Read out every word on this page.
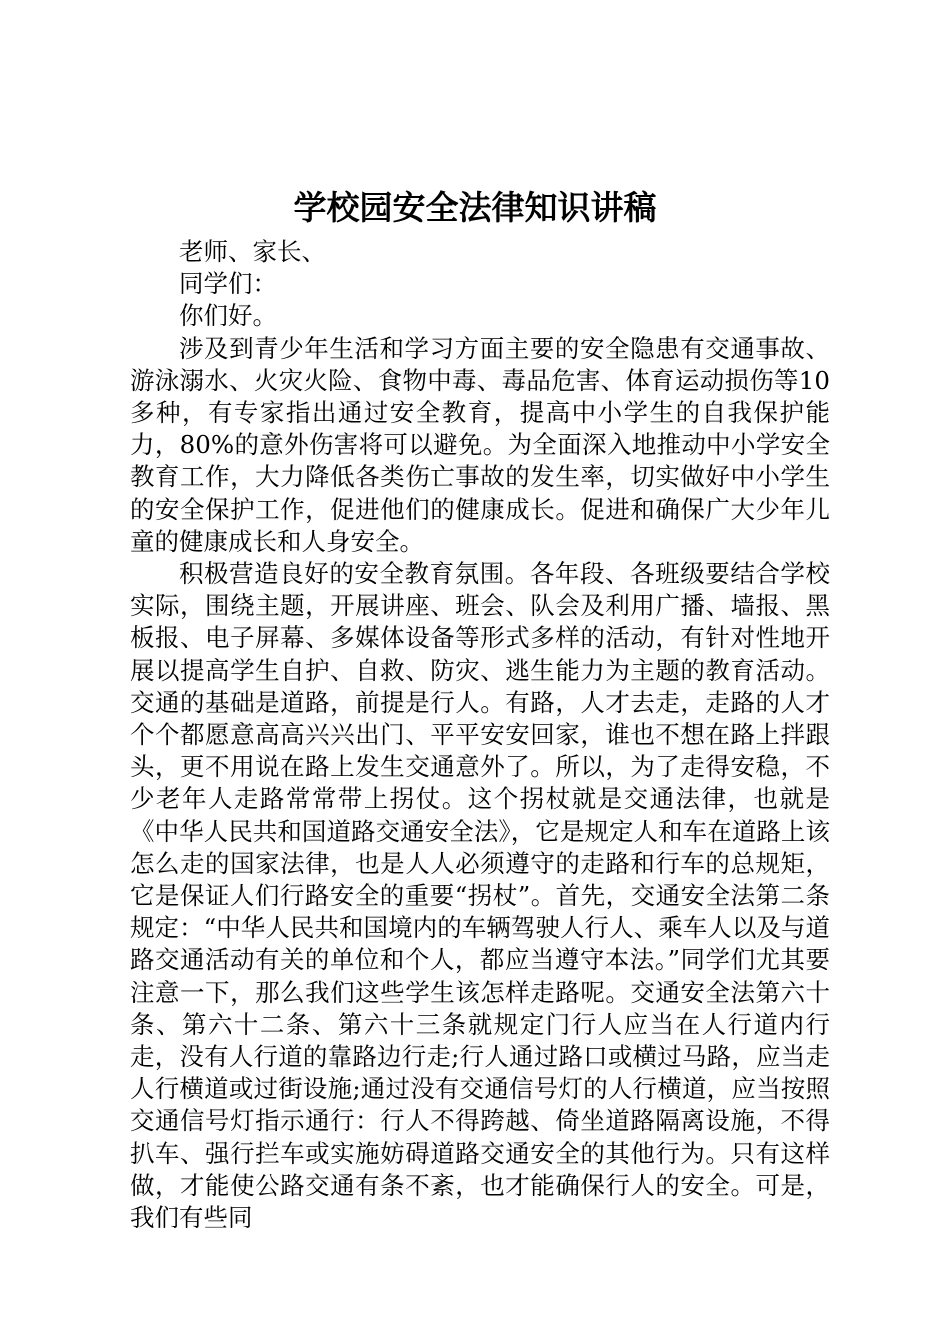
学校园安全法律知识讲稿

老师、家长、

同学们：

你们好。

涉及到青少年生活和学习方面主要的安全隐患有交通事故、游泳溺水、火灾火险、食物中毒、毒品危害、体育运动损伤等10多种，有专家指出通过安全教育，提高中小学生的自我保护能力，80%的意外伤害将可以避免。为全面深入地推动中小学安全教育工作，大力降低各类伤亡事故的发生率，切实做好中小学生的安全保护工作，促进他们的健康成长。促进和确保广大少年儿童的健康成长和人身安全。

积极营造良好的安全教育氛围。各年段、各班级要结合学校实际，围绕主题，开展讲座、班会、队会及利用广播、墙报、黑板报、电子屏幕、多媒体设备等形式多样的活动，有针对性地开展以提高学生自护、自救、防灾、逃生能力为主题的教育活动。交通的基础是道路，前提是行人。有路，人才去走，走路的人才个个都愿意高高兴兴出门、平平安安回家，谁也不想在路上拌跟头，更不用说在路上发生交通意外了。所以，为了走得安稳，不少老年人走路常常带上拐仗。这个拐杖就是交通法律，也就是《中华人民共和国道路交通安全法》，它是规定人和车在道路上该怎么走的国家法律，也是人人必须遵守的走路和行车的总规矩，它是保证人们行路安全的重要“拐杖”。首先，交通安全法第二条规定：“中华人民共和国境内的车辆驾驶人行人、乘车人以及与道路交通活动有关的单位和个人，都应当遵守本法。”同学们尤其要注意一下，那么我们这些学生该怎样走路呢。交通安全法第六十条、第六十二条、第六十三条就规定门行人应当在人行道内行走，没有人行道的靠路边行走;行人通过路口或横过马路，应当走人行横道或过街设施;通过没有交通信号灯的人行横道，应当按照交通信号灯指示通行：行人不得跨越、倚坐道路隔离设施，不得扒车、强行拦车或实施妨碍道路交通安全的其他行为。只有这样做，才能使公路交通有条不紊，也才能确保行人的安全。可是，我们有些同
